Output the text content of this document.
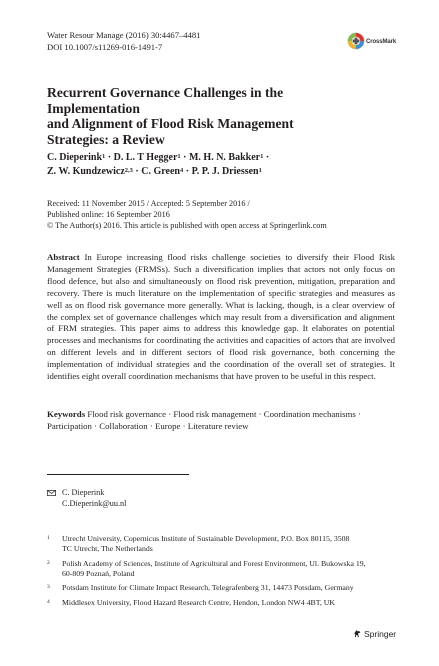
Water Resour Manage (2016) 30:4467–4481
DOI 10.1007/s11269-016-1491-7	CrossMark
Recurrent Governance Challenges in the Implementation
and Alignment of Flood Risk Management
Strategies: a Review
C. Dieperink$^1$ · D. L. T Hegger$^1$ · M. H. N. Bakker$^1$ ·
Z. W. Kundzewicz$^{2,3}$ · C. Green$^4$ · P. P. J. Driessen$^1$
Received: 11 November 2015 / Accepted: 5 September 2016 /
Published online: 16 September 2016
© The Author(s) 2016. This article is published with open access at Springerlink.com
Abstract In Europe increasing flood risks challenge societies to diversify their Flood Risk Management Strategies (FRMSs). Such a diversification implies that actors not only focus on flood defence, but also and simultaneously on flood risk prevention, mitigation, preparation and recovery. There is much literature on the implementation of specific strategies and measures as well as on flood risk governance more generally. What is lacking, though, is a clear overview of the complex set of governance challenges which may result from a diversification and alignment of FRM strategies. This paper aims to address this knowledge gap. It elaborates on potential processes and mechanisms for coordinating the activities and capacities of actors that are involved on different levels and in different sectors of flood risk governance, both concerning the implementation of individual strategies and the coordination of the overall set of strategies. It identifies eight overall coordination mechanisms that have proven to be useful in this respect.
Keywords Flood risk governance · Flood risk management · Coordination mechanisms ·
Participation · Collaboration · Europe · Literature review
C. Dieperink
C.Dieperink@uu.nl
1 Utrecht University, Copernicus Institute of Sustainable Development, P.O. Box 80115, 3508
TC Utrecht, The Netherlands
2 Polish Academy of Sciences, Institute of Agricultural and Forest Environment, Ul. Bukowska 19,
60-809 Poznań, Poland
3 Potsdam Institute for Climate Impact Research, Telegrafenberg 31, 14473 Potsdam, Germany
4 Middlesex University, Flood Hazard Research Centre, Hendon, London NW4 4BT, UK
Springer
